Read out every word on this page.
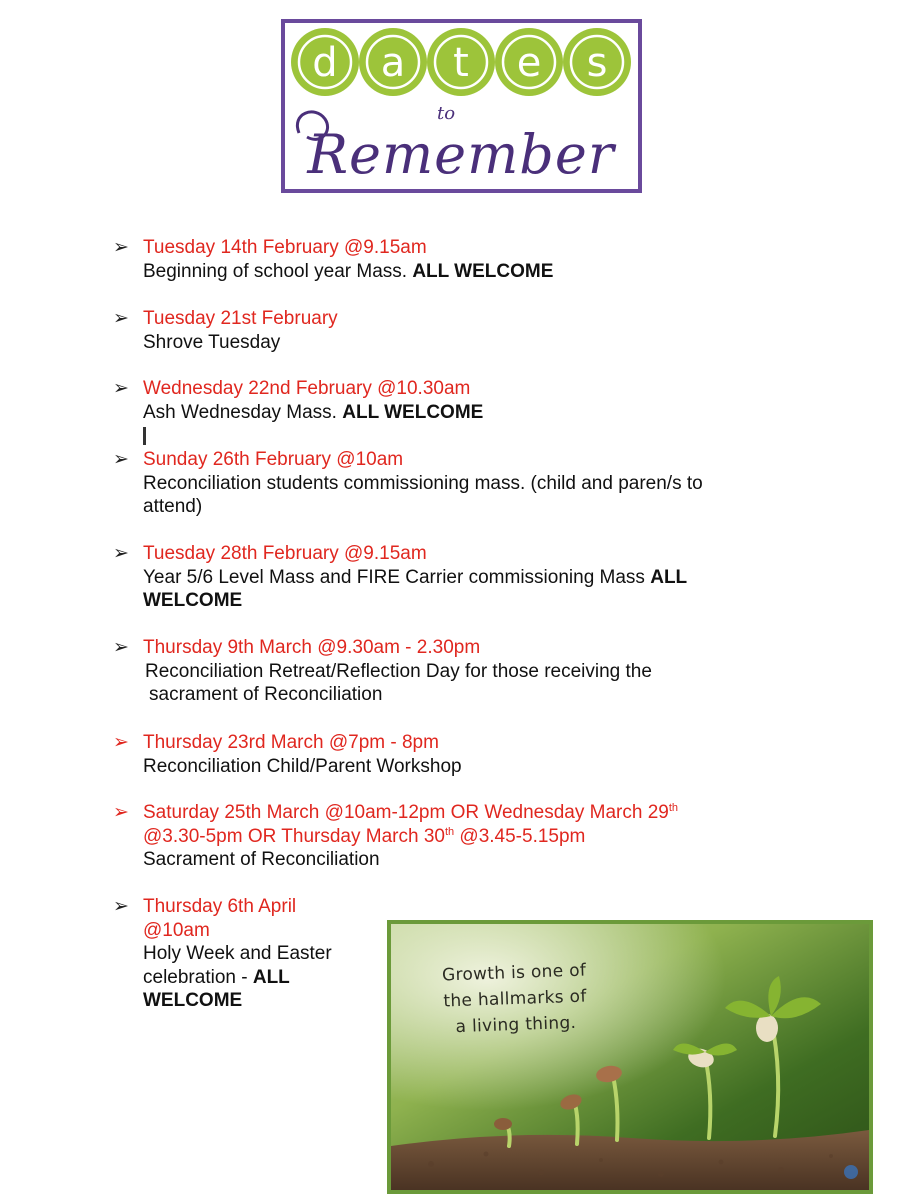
d a t e s
to
Remember
➢ Tuesday 14th February @9.15am
Beginning of school year Mass. ALL WELCOME
➢ Tuesday 21st February
Shrove Tuesday
➢ Wednesday 22nd February @10.30am
Ash Wednesday Mass. ALL WELCOME
➢ Sunday 26th February @10am
Reconciliation students commissioning mass. (child and paren/s to
attend)
➢ Tuesday 28th February @9.15am
Year 5/6 Level Mass and FIRE Carrier commissioning Mass ALL
WELCOME
➢ Thursday 9th March @9.30am - 2.30pm
Reconciliation Retreat/Reflection Day for those receiving the
sacrament of Reconciliation
➢ Thursday 23rd March @7pm - 8pm
Reconciliation Child/Parent Workshop
➢ Saturday 25th March @10am-12pm OR Wednesday March 29th
@3.30-5pm OR Thursday March 30th @3.45-5.15pm
Sacrament of Reconciliation
➢ Thursday 6th April
@10am
Holy Week and Easter
celebration - ALL
WELCOME
Growth is one of
the hallmarks of
a living thing.
